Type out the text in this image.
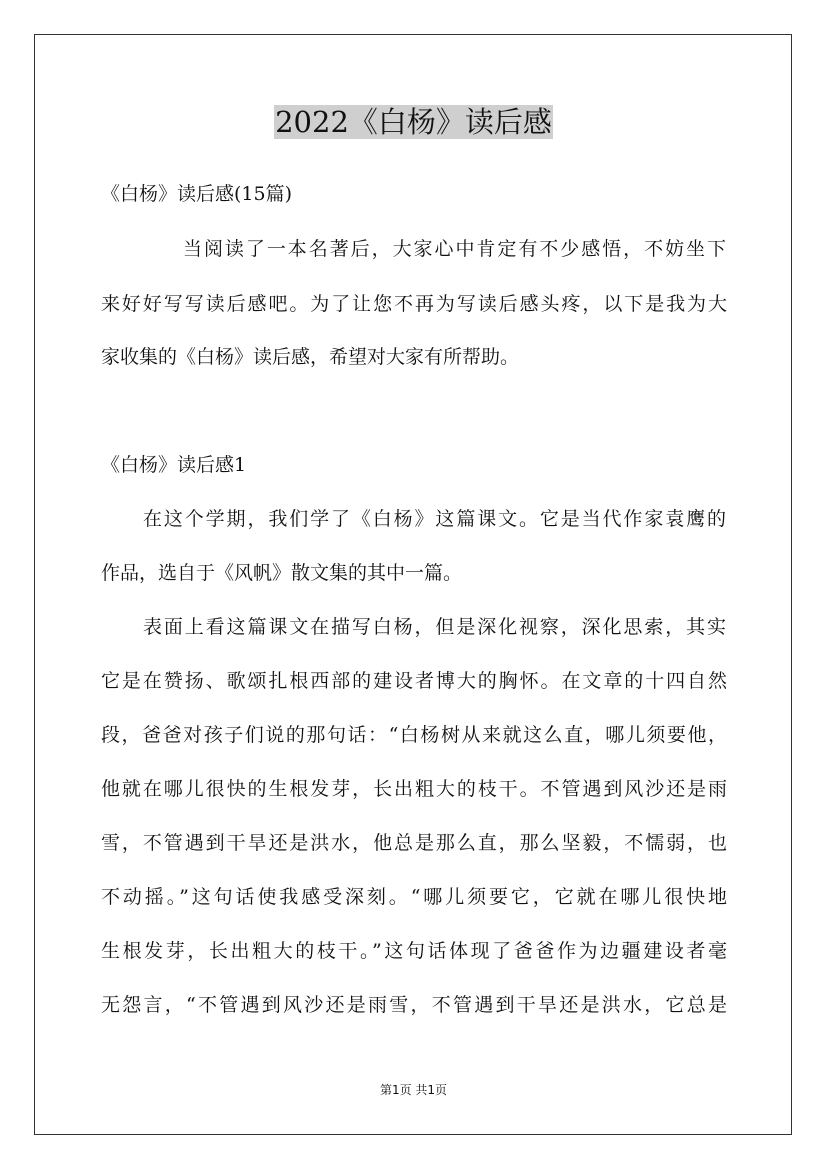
2022《白杨》读后感
《白杨》读后感(15篇)
当阅读了一本名著后，大家心中肯定有不少感悟，不妨坐下
来好好写写读后感吧。为了让您不再为写读后感头疼，以下是我为大
家收集的《白杨》读后感，希望对大家有所帮助。
《白杨》读后感1
在这个学期，我们学了《白杨》这篇课文。它是当代作家袁鹰的
作品，选自于《风帆》散文集的其中一篇。
表面上看这篇课文在描写白杨，但是深化视察，深化思索，其实
它是在赞扬、歌颂扎根西部的建设者博大的胸怀。在文章的十四自然
段，爸爸对孩子们说的那句话：“白杨树从来就这么直，哪儿须要他，
他就在哪儿很快的生根发芽，长出粗大的枝干。不管遇到风沙还是雨
雪，不管遇到干旱还是洪水，他总是那么直，那么坚毅，不懦弱，也
不动摇。”这句话使我感受深刻。“哪儿须要它，它就在哪儿很快地
生根发芽，长出粗大的枝干。”这句话体现了爸爸作为边疆建设者毫
无怨言，“不管遇到风沙还是雨雪，不管遇到干旱还是洪水，它总是
第1页 共1页
